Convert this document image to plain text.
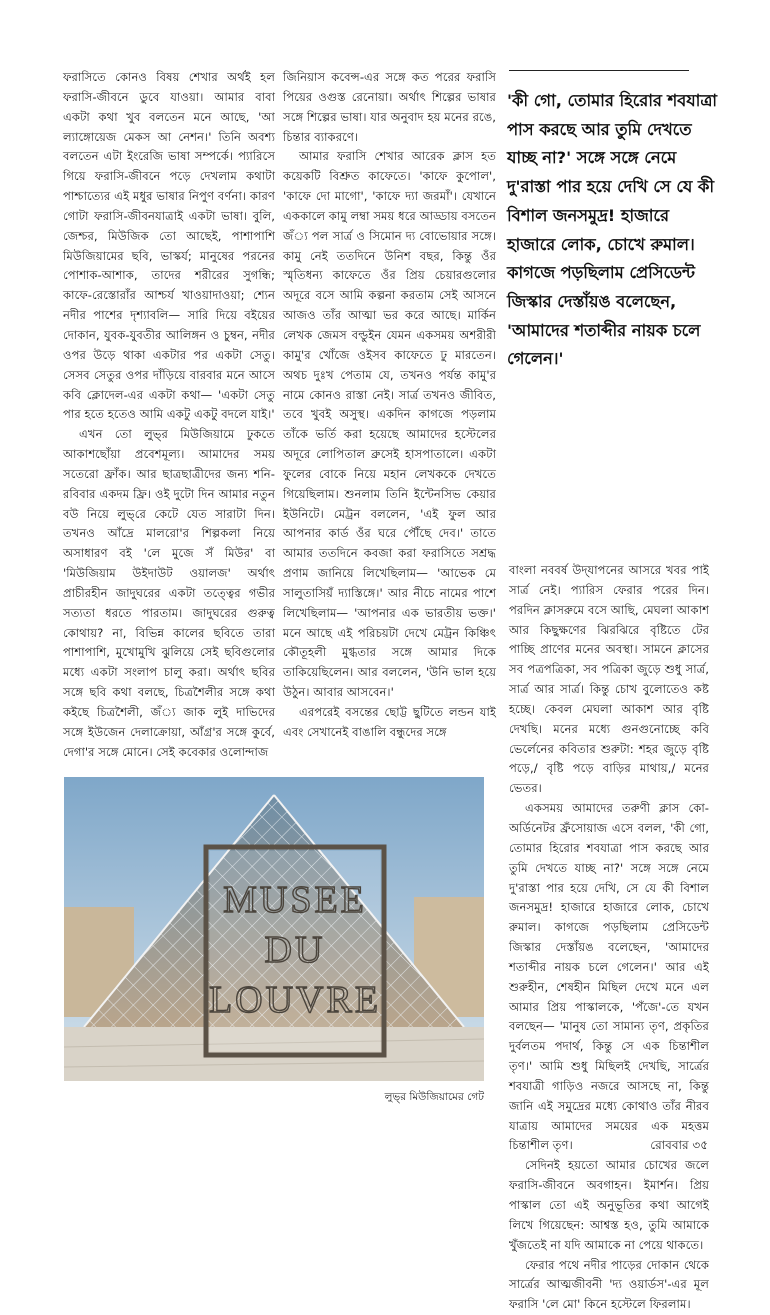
'কী গো, তোমার হিরোর শবযাত্রা পাস করছে আর তুমি দেখতে যাচ্ছ না?' সঙ্গে সঙ্গে নেমে দু'রাস্তা পার হয়ে দেখি সে যে কী বিশাল জনসমুদ্র! হাজারে হাজারে লোক, চোখে রুমাল। কাগজে পড়ছিলাম প্রেসিডেন্ট জিস্কার দেস্তাঁয়ঙ বলেছেন, 'আমাদের শতাব্দীর নায়ক চলে গেলেন।'

ফরাসিতে কোনও বিষয় শেখার অর্থই হল ফরাসি-জীবনে ডুবে যাওয়া। আমার বাবা একটা কথা খুব বলতেন মনে আছে, 'আ ল্যাঙ্গোয়েজ মেকস আ নেশন।' তিনি অবশ্য বলতেন এটা ইংরেজি ভাষা সম্পর্কে। প্যারিসে গিয়ে ফরাসি-জীবনে পড়ে দেখলাম কথাটা পাশ্চাত্যের এই মধুর ভাষার নিপুণ বর্ণনা। কারণ গোটা ফরাসি-জীবনযাত্রাই একটা ভাষা। বুলি, জেশ্চর, মিউজিক তো আছেই, পাশাপাশি মিউজিয়ামের ছবি, ভাস্কর্য; মানুষের পরনের পোশাক-আশাক, তাদের শরীরের সুগন্ধি; কাফে-রেস্তোরাঁর আশ্চর্য খাওয়াদাওয়া; শ্যেন নদীর পাশের দৃশ্যাবলি— সারি দিয়ে বইয়ের দোকান, যুবক-যুবতীর আলিঙ্গন ও চুম্বন, নদীর ওপর উড়ে থাকা একটার পর একটা সেতু। সেসব সেতুর ওপর দাঁড়িয়ে বারবার মনে আসে কবি ক্লোদেল-এর একটা কথা— 'একটা সেতু পার হতে হতেও আমি একটু একটু বদলে যাই।'

এখন তো লুভ্‌র মিউজিয়ামে ঢুকতে আকাশছোঁয়া প্রবেশমূল্য। আমাদের সময় সতেরো ফ্রাঁক। আর ছাত্রছাত্রীদের জন্য শনি-রবিবার একদম ফ্রি। ওই দুটো দিন আমার নতুন বউ নিয়ে লুভ্‌রে কেটে যেত সারাটা দিন। তখনও আঁদ্রে মালরো'র শিল্পকলা নিয়ে অসাধারণ বই 'লে মুজে সঁ মিউর' বা 'মিউজিয়াম উইদাউট ওয়ালজ' অর্থাৎ প্রাচীরহীন জাদুঘরের একটা তত্ত্বের গভীর সত্যতা ধরতে পারতাম। জাদুঘরের গুরুত্ব কোথায়? না, বিভিন্ন কালের ছবিতে তারা পাশাপাশি, মুখোমুখি ঝুলিয়ে সেই ছবিগুলোর মধ্যে একটা সংলাপ চালু করা। অর্থাৎ ছবির সঙ্গে ছবি কথা বলছে, চিত্রশৈলীর সঙ্গে কথা কইছে চিত্রশৈলী, জঁ্য জাক লুই দাভিদের সঙ্গে ইউজেন দেলাক্রোয়া, আঁগ্র'র সঙ্গে কুর্বে, দেগা'র সঙ্গে মোনে। সেই কবেকার ওলোন্দাজ

জিনিয়াস কবেন্স-এর সঙ্গে কত পরের ফরাসি পিয়ের ওগুস্ত রেনোয়া। অর্থাৎ শিল্পের ভাষার সঙ্গে শিল্পের ভাষা। যার অনুবাদ হয় মনের রঙে, চিন্তার ব্যাকরণে।

আমার ফরাসি শেখার আরেক ক্লাস হত কয়েকটি বিশ্রুত কাফেতে। 'কাফে কুপোল', 'কাফে দো মাগো', 'কাফে দ্যা জরমাঁ'। যেখানে এককালে কামু লম্বা সময় ধরে আড্ডায় বসতেন জঁ্য পল সার্ত্র ও সিমোন দ্য বোভোয়ার সঙ্গে। কামু নেই ততদিনে উনিশ বছর, কিন্তু ওঁর স্মৃতিধন্য কাফেতে ওঁর প্রিয় চেয়ারগুলোর অদূরে বসে আমি কল্পনা করতাম সেই আসনে আজও তাঁর আত্মা ভর করে আছে। মার্কিন লেখক জেমস বল্ডুইন যেমন একসময় অশরীরী কামু'র খোঁজে ওইসব কাফেতে ঢু মারতেন। অথচ দুঃখ পেতাম যে, তখনও পর্যন্ত কামু'র নামে কোনও রাস্তা নেই। সার্ত্র তখনও জীবিত, তবে খুবই অসুস্থ। একদিন কাগজে পড়লাম তাঁকে ভর্তি করা হয়েছে আমাদের হস্টেলের অদূরে লোপিতাল ব্রুসেই হাসপাতালে। একটা ফুলের বোকে নিয়ে মহান লেখককে দেখতে গিয়েছিলাম। শুনলাম তিনি ইন্টেনসিভ কেয়ার ইউনিটে। মেট্রন বললেন, 'এই ফুল আর আপনার কার্ড ওঁর ঘরে পৌঁছে দেব।' তাতে আমার ততদিনে কবজা করা ফরাসিতে সশ্রদ্ধ প্রণাম জানিয়ে লিখেছিলাম— 'আভেক মে সালুতাসিয়ঁ দ্যাস্তিঙ্গে।' আর নীচে নামের পাশে লিখেছিলাম— 'আপনার এক ভারতীয় ভক্ত।' মনে আছে এই পরিচয়টা দেখে মেট্রন কিঞ্চিৎ কৌতূহলী মুগ্ধতার সঙ্গে আমার দিকে তাকিয়েছিলেন। আর বললেন, 'উনি ভাল হয়ে উঠুন। আবার আসবেন।'

এরপরেই বসন্তের ছোট্ট ছুটিতে লন্ডন যাই এবং সেখানেই বাঙালি বন্ধুদের সঙ্গে

বাংলা নববর্ষ উদ্‌যাপনের আসরে খবর পাই সার্ত্র নেই। প্যারিস ফেরার পরের দিন। পরদিন ক্লাসরুমে বসে আছি, মেঘলা আকাশ আর কিছুক্ষণের ঝিরঝিরে বৃষ্টিতে টের পাচ্ছি প্রাণের মনের অবস্থা। সামনে ক্লাসের সব পত্রপত্রিকা, সব পত্রিকা জুড়ে শুধু সার্ত্র, সার্ত্র আর সার্ত্র। কিন্তু চোখ বুলোতেও কষ্ট হচ্ছে। কেবল মেঘলা আকাশ আর বৃষ্টি দেখছি। মনের মধ্যে গুনগুনোচ্ছে কবি ভের্লেনের কবিতার শুরুটা: শহর জুড়ে বৃষ্টি পড়ে,/ বৃষ্টি পড়ে বাড়ির মাথায়,/ মনের ভেতর।

একসময় আমাদের তরুণী ক্লাস কো-অর্ডিনেটর ফ্রঁসোয়াজ এসে বলল, 'কী গো, তোমার হিরোর শবযাত্রা পাস করছে আর তুমি দেখতে যাচ্ছ না?' সঙ্গে সঙ্গে নেমে দু'রাস্তা পার হয়ে দেখি, সে যে কী বিশাল জনসমুদ্র! হাজারে হাজারে লোক, চোখে রুমাল। কাগজে পড়ছিলাম প্রেসিডেন্ট জিস্কার দেস্তাঁয়ঙ বলেছেন, 'আমাদের শতাব্দীর নায়ক চলে গেলেন।' আর এই শুরুহীন, শেষহীন মিছিল দেখে মনে এল আমার প্রিয় পাস্কালকে, 'পঁজে'-তে যখন বলছেন— 'মানুষ তো সামান্য তৃণ, প্রকৃতির দুর্বলতম পদার্থ, কিন্তু সে এক চিন্তাশীল তৃণ।' আমি শুধু মিছিলই দেখছি, সার্ত্রের শবযাত্রী গাড়িও নজরে আসছে না, কিন্তু জানি এই সমুদ্রের মধ্যে কোথাও তাঁর নীরব যাত্রায় আমাদের সময়ের এক মহত্তম চিন্তাশীল তৃণ।

সেদিনই হয়তো আমার চোখের জলে ফরাসি-জীবনে অবগাহন। ইমার্শন। প্রিয় পাস্কাল তো এই অনুভূতির কথা আগেই লিখে গিয়েছেন: আশ্বস্ত হও, তুমি আমাকে খুঁজতেই না যদি আমাকে না পেয়ে থাকতে।

ফেরার পথে নদীর পাড়ের দোকান থেকে সার্ত্রের আত্মজীবনী 'দ্য ওয়ার্ডস'-এর মূল ফরাসি 'লে মো' কিনে হস্টেলে ফিরলাম।

MUSEE
DU
LOUVRE
লুভ্‌র মিউজিয়ামের গেট
রোববার ৩৫
